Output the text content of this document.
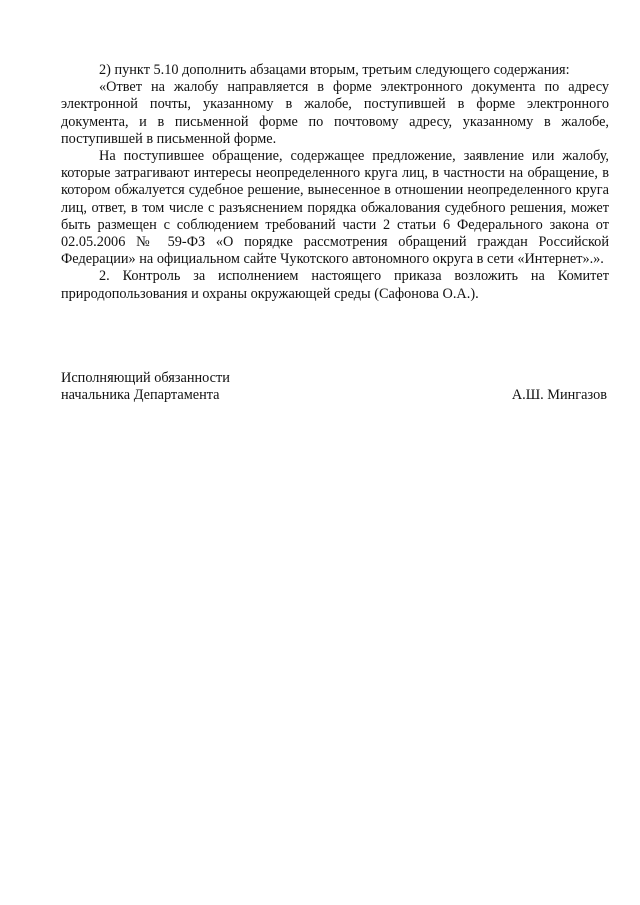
2) пункт 5.10 дополнить абзацами вторым, третьим следующего содержания:

«Ответ на жалобу направляется в форме электронного документа по адресу электронной почты, указанному в жалобе, поступившей в форме электронного документа, и в письменной форме по почтовому адресу, указанному в жалобе, поступившей в письменной форме.

На поступившее обращение, содержащее предложение, заявление или жалобу, которые затрагивают интересы неопределенного круга лиц, в частности на обращение, в котором обжалуется судебное решение, вынесенное в отношении неопределенного круга лиц, ответ, в том числе с разъяснением порядка обжалования судебного решения, может быть размещен с соблюдением требований части 2 статьи 6 Федерального закона от 02.05.2006 № 59-ФЗ «О порядке рассмотрения обращений граждан Российской Федерации» на официальном сайте Чукотского автономного округа в сети «Интернет».».

2. Контроль за исполнением настоящего приказа возложить на Комитет природопользования и охраны окружающей среды (Сафонова О.А.).

Исполняющий обязанности
начальника Департамента	А.Ш. Мингазов
